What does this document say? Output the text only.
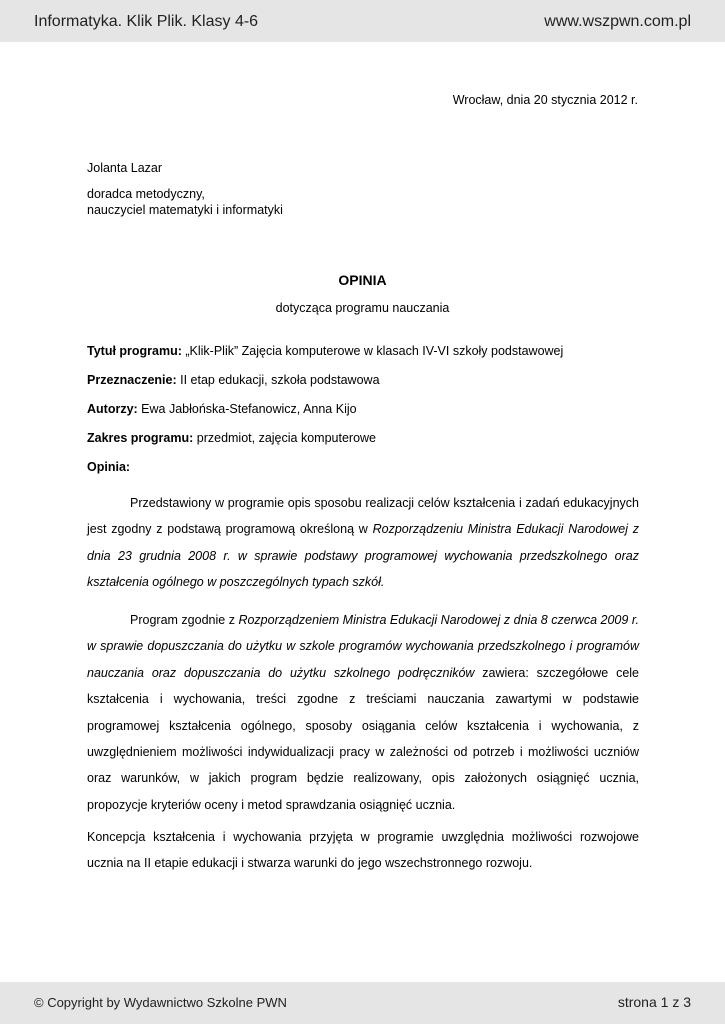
Informatyka. Klik Plik. Klasy 4-6	www.wszpwn.com.pl
Wrocław, dnia 20 stycznia 2012 r.
Jolanta Lazar
doradca metodyczny,
nauczyciel matematyki i informatyki
OPINIA
dotycząca programu nauczania
Tytuł programu: „Klik-Plik” Zajęcia komputerowe w klasach IV-VI szkoły podstawowej
Przeznaczenie: II etap edukacji, szkoła podstawowa
Autorzy: Ewa Jabłońska-Stefanowicz, Anna Kijo
Zakres programu: przedmiot, zajęcia komputerowe
Opinia:
Przedstawiony w programie opis sposobu realizacji celów kształcenia i zadań edukacyjnych jest zgodny z podstawą programową określoną w Rozporządzeniu Ministra Edukacji Narodowej z dnia 23 grudnia 2008 r. w sprawie podstawy programowej wychowania przedszkolnego oraz kształcenia ogólnego w poszczególnych typach szkół.
Program zgodnie z Rozporządzeniem Ministra Edukacji Narodowej z dnia 8 czerwca 2009 r. w sprawie dopuszczania do użytku w szkole programów wychowania przedszkolnego i programów nauczania oraz dopuszczania do użytku szkolnego podręczników zawiera: szczegółowe cele kształcenia i wychowania, treści zgodne z treściami nauczania zawartymi w podstawie programowej kształcenia ogólnego, sposoby osiągania celów kształcenia i wychowania, z uwzględnieniem możliwości indywidualizacji pracy w zależności od potrzeb i możliwości uczniów oraz warunków, w jakich program będzie realizowany, opis założonych osiągnięć ucznia, propozycje kryteriów oceny i metod sprawdzania osiągnięć ucznia.
Koncepcja kształcenia i wychowania przyjęta w programie uwzględnia możliwości rozwojowe ucznia na II etapie edukacji i stwarza warunki do jego wszechstronnego rozwoju.
© Copyright by Wydawnictwo Szkolne PWN	strona 1 z 3
